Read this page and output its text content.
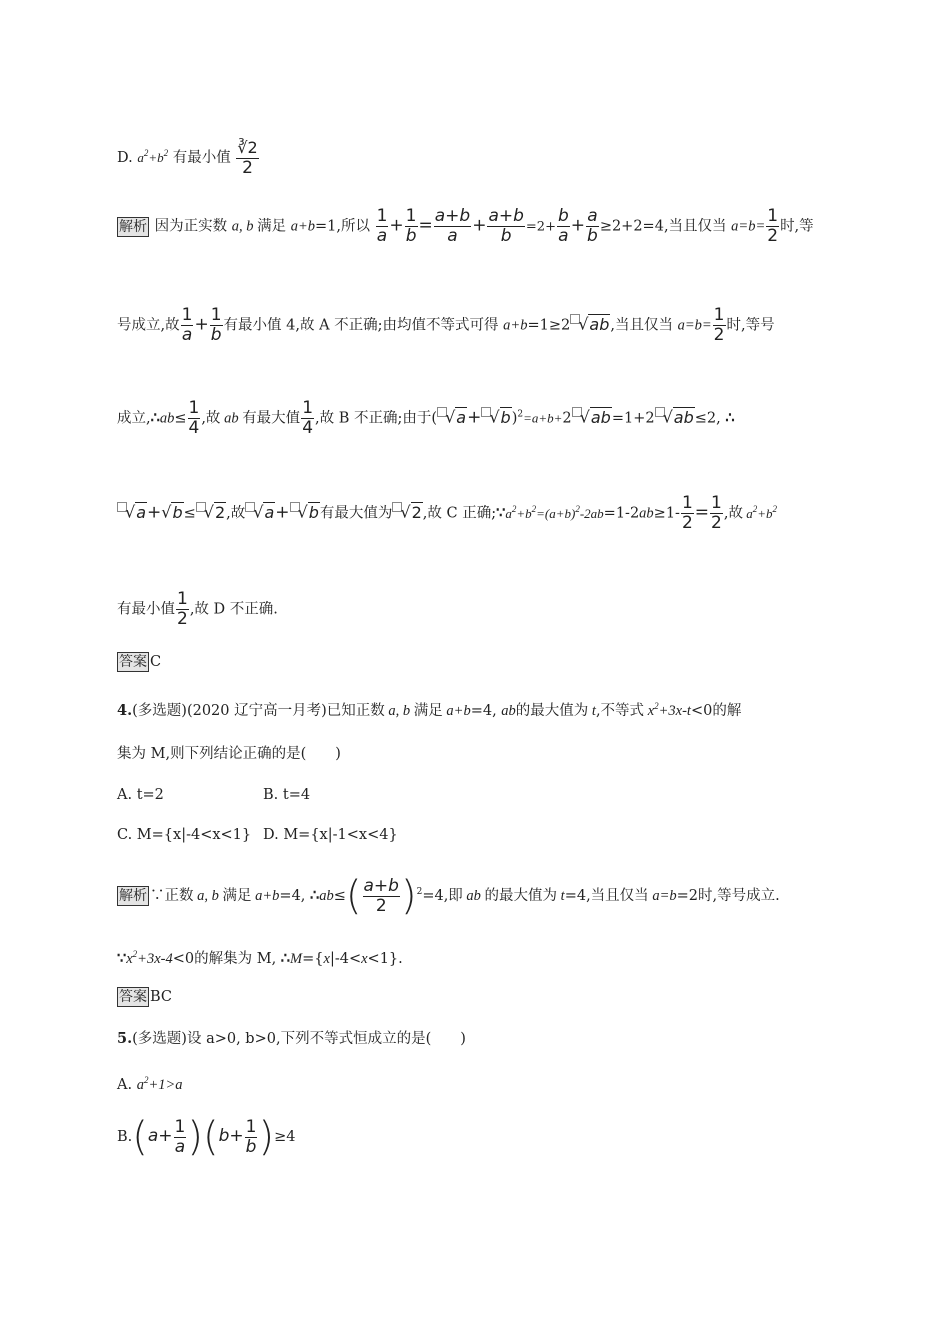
D. $a^2+b^2$ 有最小值 $\frac{∛2}{2}$
解析 因为正实数 a, b 满足 a+b=1,所以 $\frac{1}{a} + \frac{1}{b} = \frac{a+b}{a} + \frac{a+b}{b} =2+ \frac{b}{a} + \frac{a}{b} \ge 2+2=4$,当且仅当 $a=b= \frac{1}{2}$ 时,等
号成立,故 $\frac{1}{a} + \frac{1}{b}$ 有最小值 4,故 A 不正确;由均值不等式可得 a+b=1≥2 √ab,当且仅当 $a=b= \frac{1}{2}$ 时,等号
成立,∴ab≤ $\frac{1}{4}$ ,故 ab 有最大值 $\frac{1}{4}$ ,故 B 不正确;由于( √a+ √b)$^2$=a+b+2 √ab=1+2 √ab≤2, ∴
√a+√b≤ √2,故 √a+ √b有最大值为 √2,故 C 正确$;\because a^2+b^2=(a+b)^2-2ab=1-2ab\ge 1- \frac{1}{2} = \frac{1}{2}$ ,故 $a^2+b^2$
有最小值 $\frac{1}{2}$ ,故 D 不正确.
答案 C
4.(多选题)(2020 辽宁高一月考)已知正数 a, b 满足 a+b=4, ab的最大值为 t,不等式 $x^2+3x-t<0$的解
集为 M,则下列结论正确的是(　　)
A. t=2	B. t=4
C. M={x|-4<x<1} D. M={x|-1<x<4}
解析 ∵正数 a, b 满足 a+b=4, ∴ab≤( $\frac{a+b}{2} )^2=4$,即 ab 的最大值为 t=4,当且仅当 a=b=2时,等号成立.
$\because x^2+3x-4<0$的解集为 M, ∴M={x|-4<x<1}.
答案 BC
5.(多选题)设 a>0, b>0,下列不等式恒成立的是(　　)
A. $a^2+1>a$
$B.(a+ \frac{1}{a} )(b+ \frac{1}{b} )\ge 4$
